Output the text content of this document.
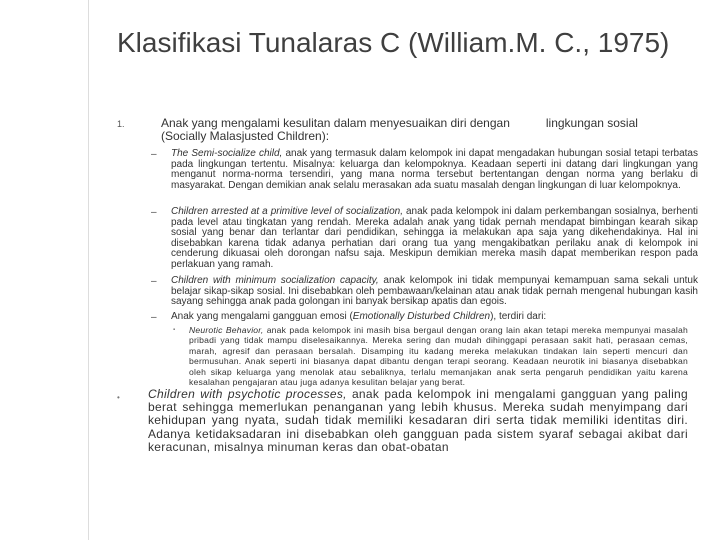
Klasifikasi Tunalaras C (William.M. C., 1975)
1.	Anak yang mengalami kesulitan dalam menyesuaikan diri dengan	lingkungan sosial
(Socially Malasjusted Children):
– The Semi-socialize child, anak yang termasuk dalam kelompok ini dapat mengadakan hubungan sosial tetapi terbatas pada lingkungan tertentu. Misalnya: keluarga dan kelompoknya. Keadaan seperti ini datang dari lingkungan yang menganut norma-norma tersendiri, yang mana norma tersebut bertentangan dengan norma yang berlaku di masyarakat. Dengan demikian anak selalu merasakan ada suatu masalah dengan lingkungan di luar kelompoknya.
– Children arrested at a primitive level of socialization, anak pada kelompok ini dalam perkembangan sosialnya, berhenti pada level atau tingkatan yang rendah. Mereka adalah anak yang tidak pernah mendapat bimbingan kearah sikap sosial yang benar dan terlantar dari pendidikan, sehingga ia melakukan apa saja yang dikehendakinya. Hal ini disebabkan karena tidak adanya perhatian dari orang tua yang mengakibatkan perilaku anak di kelompok ini cenderung dikuasai oleh dorongan nafsu saja. Meskipun demikian mereka masih dapat memberikan respon pada perlakuan yang ramah.
– Children with minimum socialization capacity, anak kelompok ini tidak mempunyai kemampuan sama sekali untuk belajar sikap-sikap sosial. Ini disebabkan oleh pembawaan/kelainan atau anak tidak pernah mengenal hubungan kasih sayang sehingga anak pada golongan ini banyak bersikap apatis dan egois.
– Anak yang mengalami gangguan emosi (Emotionally Disturbed Children), terdiri dari:
▪ Neurotic Behavior, anak pada kelompok ini masih bisa bergaul dengan orang lain akan tetapi mereka mempunyai masalah pribadi yang tidak mampu diselesaikannya. Mereka sering dan mudah dihinggapi perasaan sakit hati, perasaan cemas, marah, agresif dan perasaan bersalah. Disamping itu kadang mereka melakukan tindakan lain seperti mencuri dan bermusuhan. Anak seperti ini biasanya dapat dibantu dengan terapi seorang. Keadaan neurotik ini biasanya disebabkan oleh sikap keluarga yang menolak atau sebaliknya, terlalu memanjakan anak serta pengaruh pendidikan yaitu karena kesalahan pengajaran atau juga adanya kesulitan belajar yang berat.
• Children with psychotic processes, anak pada kelompok ini mengalami gangguan yang paling berat sehingga memerlukan penanganan yang lebih khusus. Mereka sudah menyimpang dari kehidupan yang nyata, sudah tidak memiliki kesadaran diri serta tidak memiliki identitas diri. Adanya ketidaksadaran ini disebabkan oleh gangguan pada sistem syaraf sebagai akibat dari keracunan, misalnya minuman keras dan obat-obatan
